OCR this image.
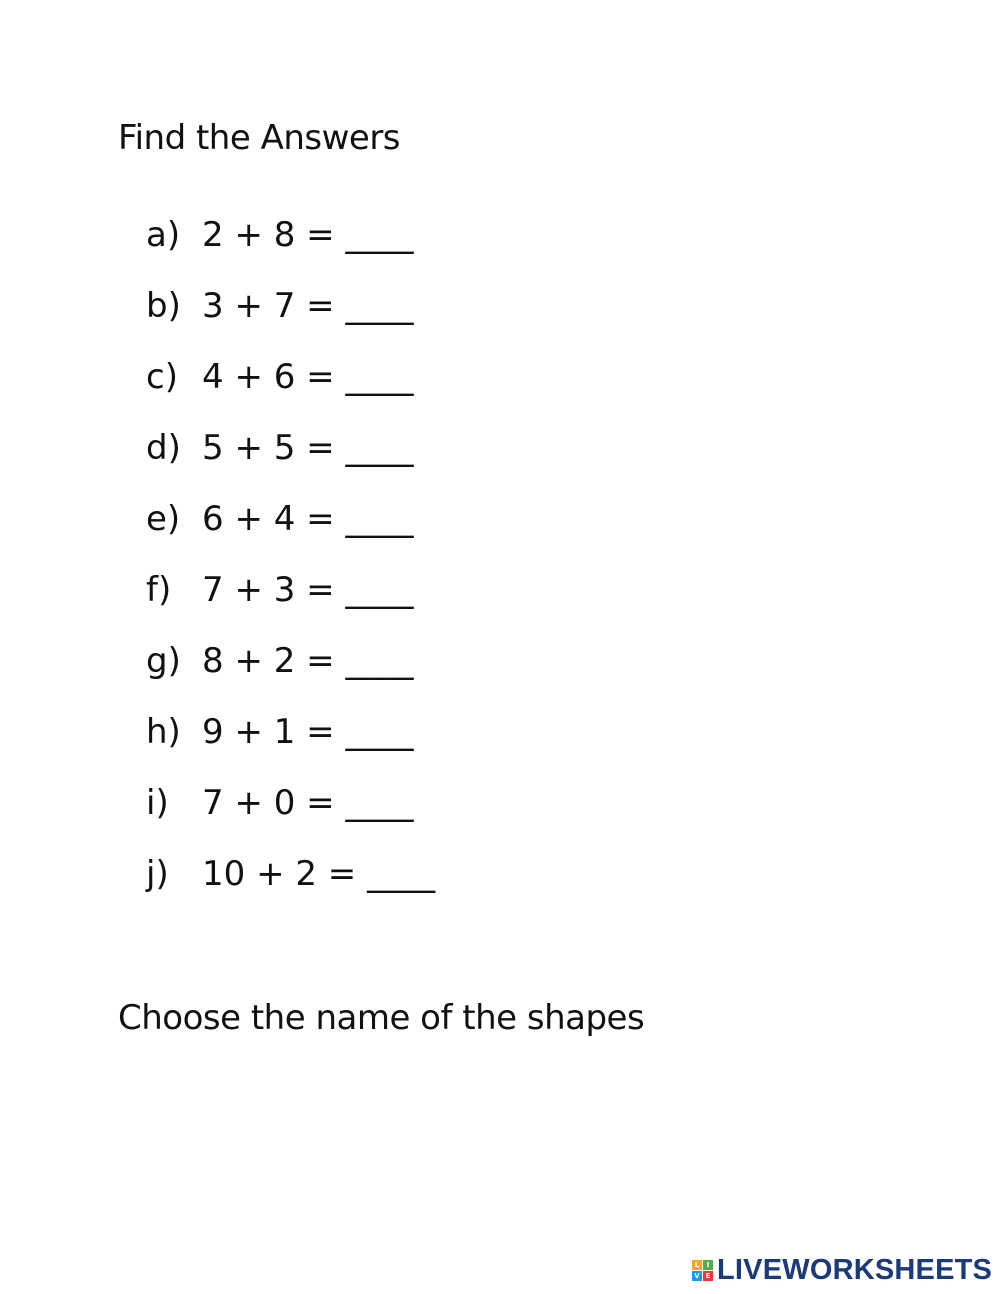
Find the Answers
a) 2 + 8 = ____
b) 3 + 7 = ____
c) 4 + 6 = ____
d) 5 + 5 = ____
e) 6 + 4 = ____
f) 7 + 3 = ____
g) 8 + 2 = ____
h) 9 + 1 = ____
i) 7 + 0 = ____
j) 10 + 2 = ____
Choose the name of the shapes
L	I
V E LIVEWORKSHEETS
